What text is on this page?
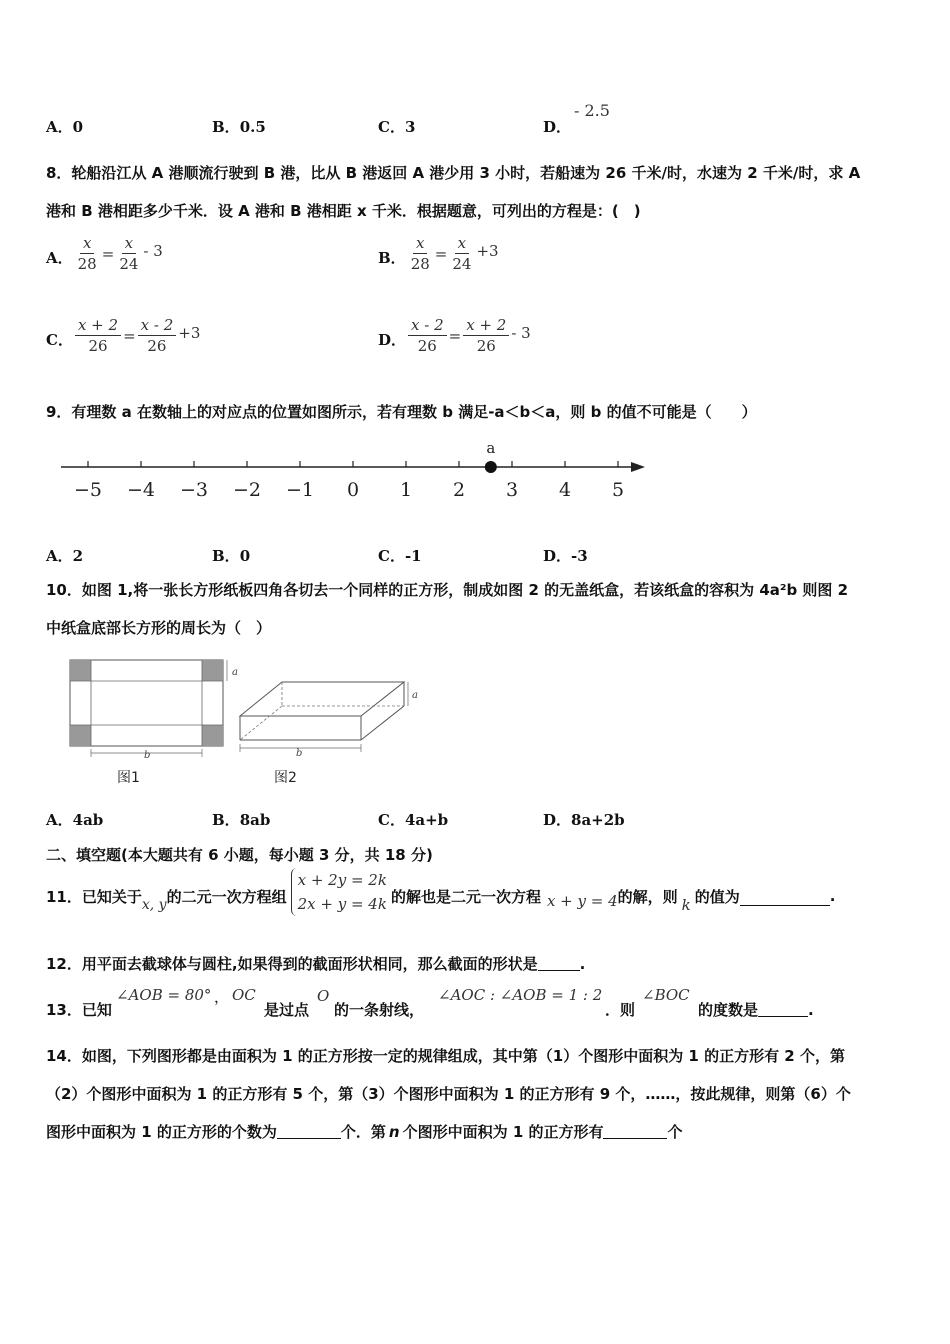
A．0	B．0.5	C．3	D．
- 2.5
8．轮船沿江从 A 港顺流行驶到 B 港，比从 B 港返回 A 港少用 3 小时，若船速为 26 千米/时，水速为 2 千米/时，求 A
港和 B 港相距多少千米．设 A 港和 B 港相距 x 千米．根据题意，可列出的方程是：(　)
A． $\frac{x}{28} = \frac{x}{24} - 3$	B． $\frac{x}{28} = \frac{x}{24} +3$
C． $\frac{x + 2}{26} = \frac{x - 2}{26} +3$	D． $\frac{x - 2}{26} = \frac{x + 2}{26} - 3$
9．有理数 a 在数轴上的对应点的位置如图所示，若有理数 b 满足-a＜b＜a，则 b 的值不可能是（　　）
−5 −4 −3 −2 −1 0 1 2 3 4 5
a
A．2	B．0	C．-1	D．-3
10．如图 1,将一张长方形纸板四角各切去一个同样的正方形，制成如图 2 的无盖纸盒，若该纸盒的容积为 4a²b 则图 2
中纸盒底部长方形的周长为（　）
a
b
图1
a
b
图2
A．4ab	B．8ab	C．4a+b	D．8a+2b
二、填空题(本大题共有 6 小题，每小题 3 分，共 18 分)
11．已知关于 x, y 的二元一次方程组
x + 2y = 2k
2x + y = 4k 的解也是二元一次方程 x + y = 4 的解，则 k 的值为	.
12．用平面去截球体与圆柱,如果得到的截面形状相同，那么截面的形状是	.
13．已知
∠AOB = 80° ， OC
是过点
O
的一条射线，
∠AOC : ∠AOB = 1 : 2
．则
∠BOC
的度数是	.
14．如图，下列图形都是由面积为 1 的正方形按一定的规律组成，其中第（1）个图形中面积为 1 的正方形有 2 个，第
（2）个图形中面积为 1 的正方形有 5 个，第（3）个图形中面积为 1 的正方形有 9 个，……，按此规律，则第（6）个
图形中面积为 1 的正方形的个数为	个．第 n 个图形中面积为 1 的正方形有	个
